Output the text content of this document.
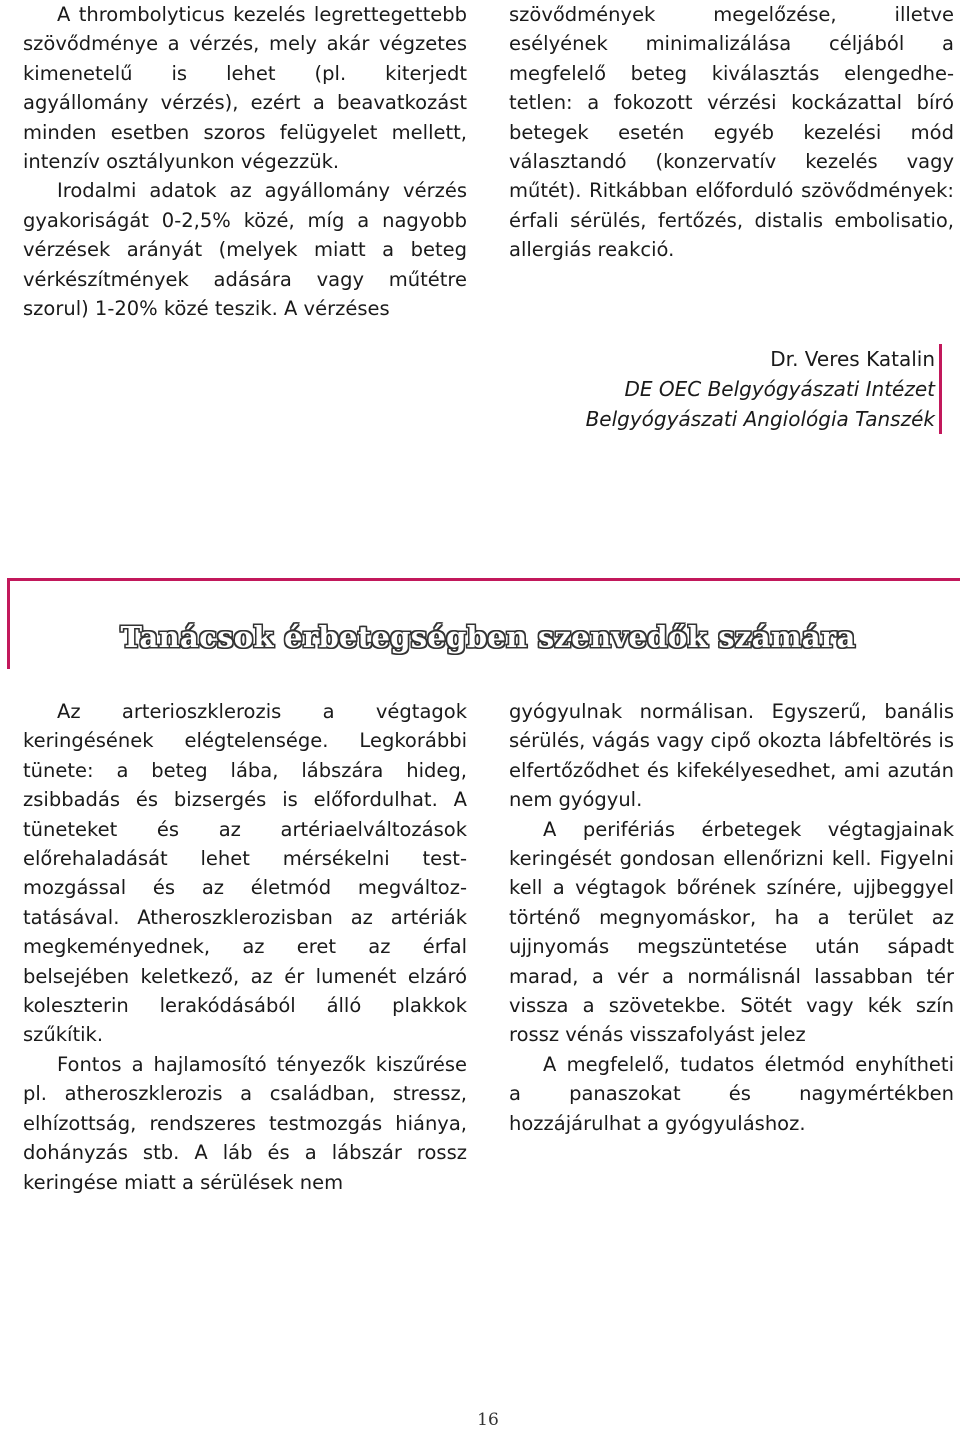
A thrombolyticus kezelés legrettegettebb szövődménye a vérzés, mely akár végzetes kimenetelű is lehet (pl. kiterjedt agyállomány vérzés), ezért a beavatkozást minden esetben szoros felügyelet mellett, intenzív osztályunkon végezzük.

Irodalmi adatok az agyállomány vérzés gyakoriságát 0-2,5% közé, míg a nagyobb vérzések arányát (melyek miatt a beteg vérkészítmények adására vagy műtétre szorul) 1-20% közé teszik. A vérzéses

szövődmények megelőzése, illetve esélyének minimalizálása céljából a megfelelő beteg kiválasztás elengedhetetlen: a fokozott vérzési kockázattal bíró betegek esetén egyéb kezelési mód választandó (konzervatív kezelés vagy műtét). Ritkábban előforduló szövődmények: érfali sérülés, fertőzés, distalis embolisatio, allergiás reakció.

Dr. Veres Katalin
DE OEC Belgyógyászati Intézet
Belgyógyászati Angiológia Tanszék
Tanácsok érbetegségben szenvedők számára

Az arterioszklerozis a végtagok keringésének elégtelensége. Legkorábbi tünete: a beteg lába, lábszára hideg, zsibbadás és bizsergés is előfordulhat. A tüneteket és az artériaelváltozások előrehaladását lehet mérsékelni testmozgással és az életmód megváltoztatásával. Atheroszklerozisban az artériák megkeményednek, az eret az érfal belsejében keletkező, az ér lumenét elzáró koleszterin lerakódásából álló plakkok szűkítik.

Fontos a hajlamosító tényezők kiszűrése pl. atheroszklerozis a családban, stressz, elhízottság, rendszeres testmozgás hiánya, dohányzás stb. A láb és a lábszár rossz keringése miatt a sérülések nem

gyógyulnak normálisan. Egyszerű, banális sérülés, vágás vagy cipő okozta lábfeltörés is elfertőződhet és kifekélyesedhet, ami azután nem gyógyul.

A perifériás érbetegek végtagjainak keringését gondosan ellenőrizni kell. Figyelni kell a végtagok bőrének színére, ujjbeggyel történő megnyomáskor, ha a terület az ujjnyomás megszüntetése után sápadt marad, a vér a normálisnál lassabban tér vissza a szövetekbe. Sötét vagy kék szín rossz vénás visszafolyást jelez

A megfelelő, tudatos életmód enyhítheti a panaszokat és nagymértékben hozzájárulhat a gyógyuláshoz.

16
